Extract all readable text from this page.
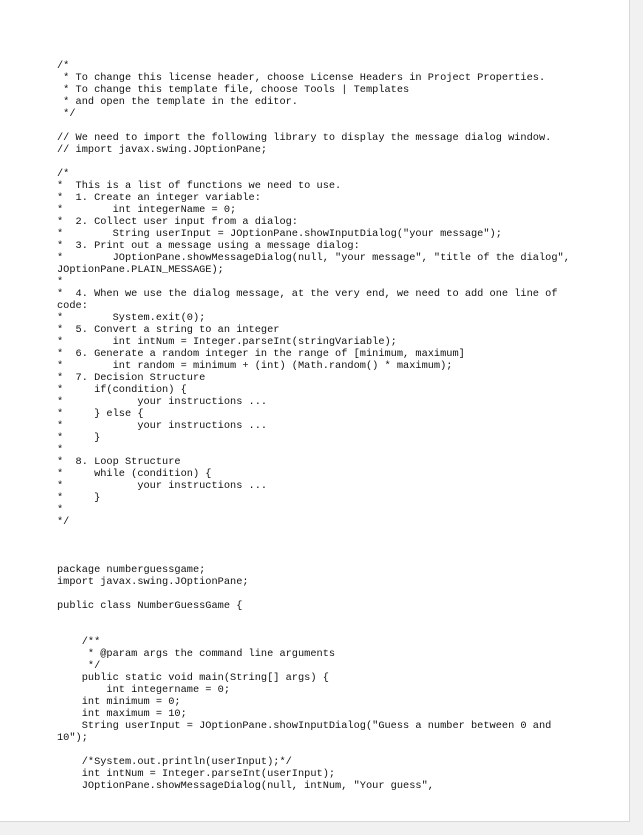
/*
* To change this license header, choose License Headers in Project Properties.
* To change this template file, choose Tools | Templates
* and open the template in the editor.
*/
// We need to import the following library to display the message dialog window.
// import javax.swing.JOptionPane;
/*
*  This is a list of functions we need to use.
*  1. Create an integer variable:
*        int integerName = 0;
*  2. Collect user input from a dialog:
*        String userInput = JOptionPane.showInputDialog("your message");
*  3. Print out a message using a message dialog:
*        JOptionPane.showMessageDialog(null, "your message", "title of the dialog",
JOptionPane.PLAIN_MESSAGE);
*
*  4. When we use the dialog message, at the very end, we need to add one line of
code:
*        System.exit(0);
*  5. Convert a string to an integer
*        int intNum = Integer.parseInt(stringVariable);
*  6. Generate a random integer in the range of [minimum, maximum]
*        int random = minimum + (int) (Math.random() * maximum);
*  7. Decision Structure
*     if(condition) {
*            your instructions ...
*     } else {
*            your instructions ...
*     }
*
*  8. Loop Structure
*     while (condition) {
*            your instructions ...
*     }
*
*/
package numberguessgame;
import javax.swing.JOptionPane;
public class NumberGuessGame {
/**
* @param args the command line arguments
*/
public static void main(String[] args) {
int integername = 0;
int minimum = 0;
int maximum = 10;
String userInput = JOptionPane.showInputDialog("Guess a number between 0 and
10");
/*System.out.println(userInput);*/
int intNum = Integer.parseInt(userInput);
JOptionPane.showMessageDialog(null, intNum, "Your guess",
